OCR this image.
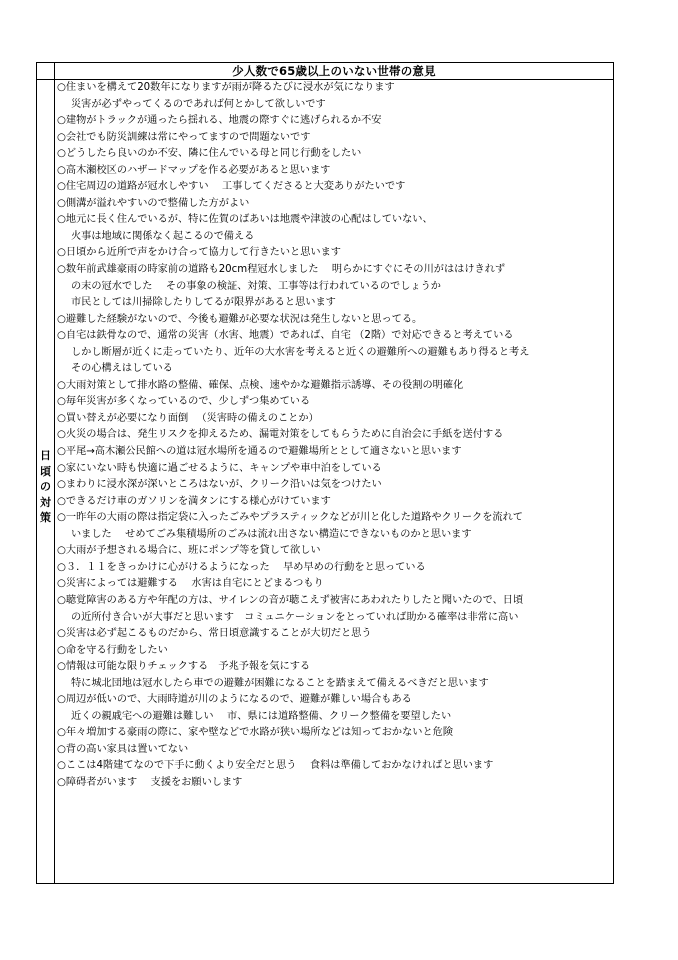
少人数で65歳以上のいない世帯の意見
日頃の対策
○住まいを構えて20数年になりますが雨が降るたびに浸水が気になります
災害が必ずやってくるのであれば何とかして欲しいです
○建物がトラックが通ったら揺れる、地震の際すぐに逃げられるか不安
○会社でも防災訓練は常にやってますので問題ないです
○どうしたら良いのか不安、隣に住んでいる母と同じ行動をしたい
○高木瀬校区のハザードマップを作る必要があると思います
○住宅周辺の道路が冠水しやすい　 工事してくださると大変ありがたいです
○側溝が溢れやすいので整備した方がよい
○地元に長く住んでいるが、特に佐賀のばあいは地震や津波の心配はしていない、
火事は地域に関係なく起こるので備える
○日頃から近所で声をかけ合って協力して行きたいと思います
○数年前武雄豪雨の時家前の道路も20cm程冠水しました　 明らかにすぐにその川がははけきれず
の末の冠水でした　 その事象の検証、対策、工事等は行われているのでしょうか
市民としては川掃除したりしてるが限界があると思います
○避難した経験がないので、今後も避難が必要な状況は発生しないと思ってる。
○自宅は鉄骨なので、通常の災害（水害、地震）であれば、自宅 （2階）で対応できると考えている
しかし断層が近くに走っていたり、近年の大水害を考えると近くの避難所への避難もあり得ると考え
その心構えはしている
○大雨対策として排水路の整備、確保、点検、速やかな避難指示誘導、その役割の明確化
○毎年災害が多くなっているので、少しずつ集めている
○買い替えが必要になり面倒 　（災害時の備えのことか）
○火災の場合は、発生リスクを抑えるため、漏電対策をしてもらうために自治会に手紙を送付する
○平尾→高木瀬公民館への道は冠水場所を通るので避難場所ととして適さないと思います
○家にいない時も快適に過ごせるように、キャンプや車中泊をしている
○まわりに浸水深が深いところはないが、クリーク沿いは気をつけたい
○できるだけ車のガソリンを満タンにする様心がけています
○一昨年の大雨の際は指定袋に入ったごみやプラスティックなどが川と化した道路やクリークを流れて
いました　 せめてごみ集積場所のごみは流れ出さない構造にできないものかと思います
○大雨が予想される場合に、班にポンプ等を貸して欲しい
○３．１１をきっかけに心がけるようになった　 早め早めの行動をと思っている
○災害によっては避難する　 水害は自宅にとどまるつもり
○聴覚障害のある方や年配の方は、サイレンの音が聴こえず被害にあわれたりしたと聞いたので、日頃
の近所付き合いが大事だと思います　コミュニケーションをとっていれば助かる確率は非常に高い
○災害は必ず起こるものだから、常日頃意識することが大切だと思う
○命を守る行動をしたい
○情報は可能な限りチェックする　予兆予報を気にする
特に城北団地は冠水したら車での避難が困難になることを踏まえて備えるべきだと思います
○周辺が低いので、大雨時道が川のようになるので、避難が難しい場合もある
近くの親戚宅への避難は難しい　 市、県には道路整備、クリーク整備を要望したい
○年々増加する豪雨の際に、家や壁などで水路が狭い場所などは知っておかないと危険
○背の高い家具は置いてない
○ここは4階建てなので下手に動くより安全だと思う　 食料は準備しておかなければと思います
○障碍者がいます　 支援をお願いします
